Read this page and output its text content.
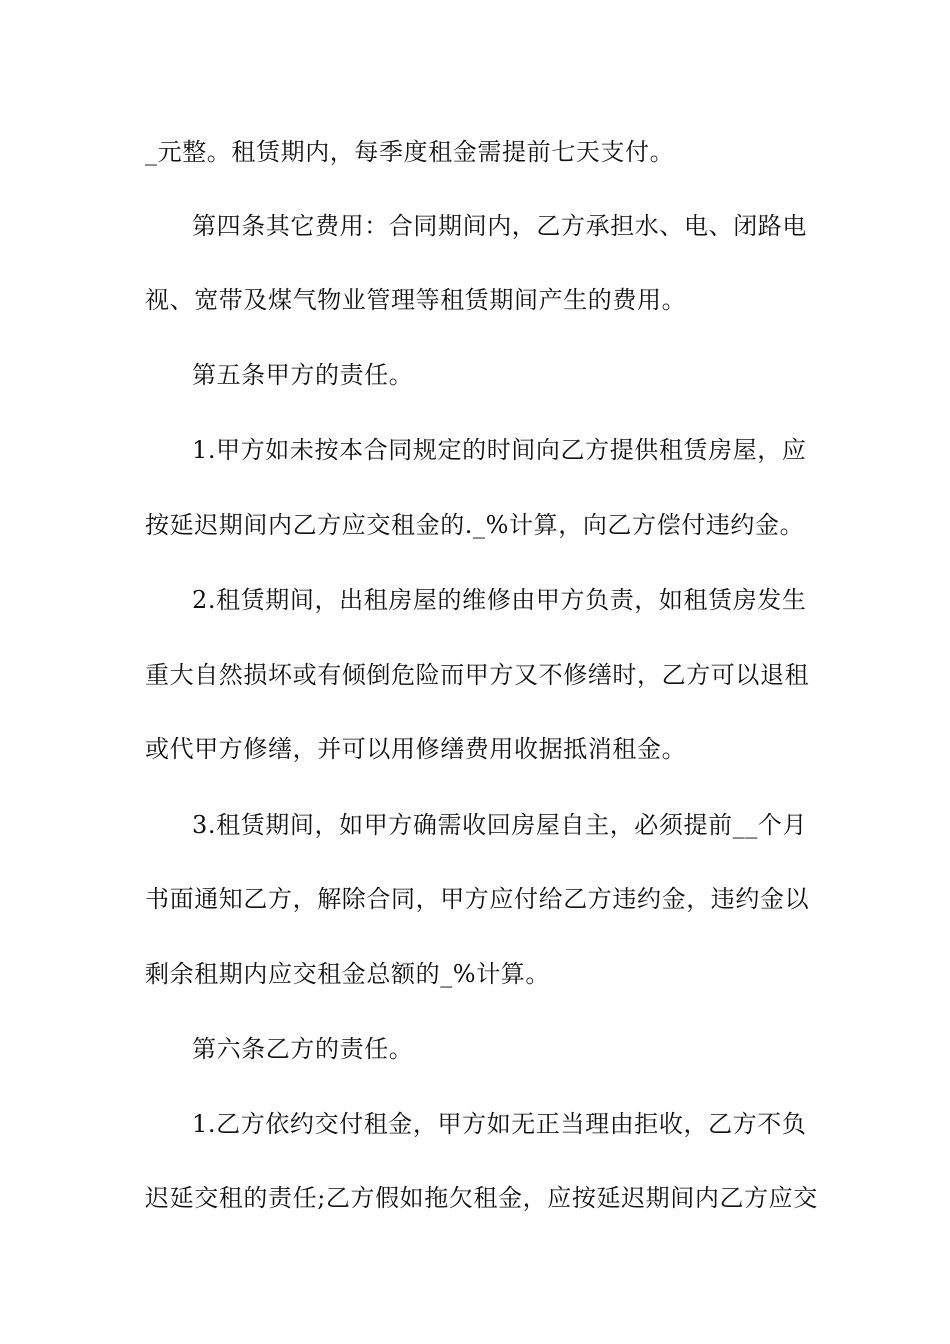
_元整。租赁期内，每季度租金需提前七天支付。
第四条其它费用：合同期间内，乙方承担水、电、闭路电
视、宽带及煤气物业管理等租赁期间产生的费用。
第五条甲方的责任。
1.甲方如未按本合同规定的时间向乙方提供租赁房屋，应
按延迟期间内乙方应交租金的._%计算，向乙方偿付违约金。
2.租赁期间，出租房屋的维修由甲方负责，如租赁房发生
重大自然损坏或有倾倒危险而甲方又不修缮时，乙方可以退租
或代甲方修缮，并可以用修缮费用收据抵消租金。
3.租赁期间，如甲方确需收回房屋自主，必须提前__个月
书面通知乙方，解除合同，甲方应付给乙方违约金，违约金以
剩余租期内应交租金总额的_%计算。
第六条乙方的责任。
1.乙方依约交付租金，甲方如无正当理由拒收，乙方不负
迟延交租的责任;乙方假如拖欠租金，应按延迟期间内乙方应交
